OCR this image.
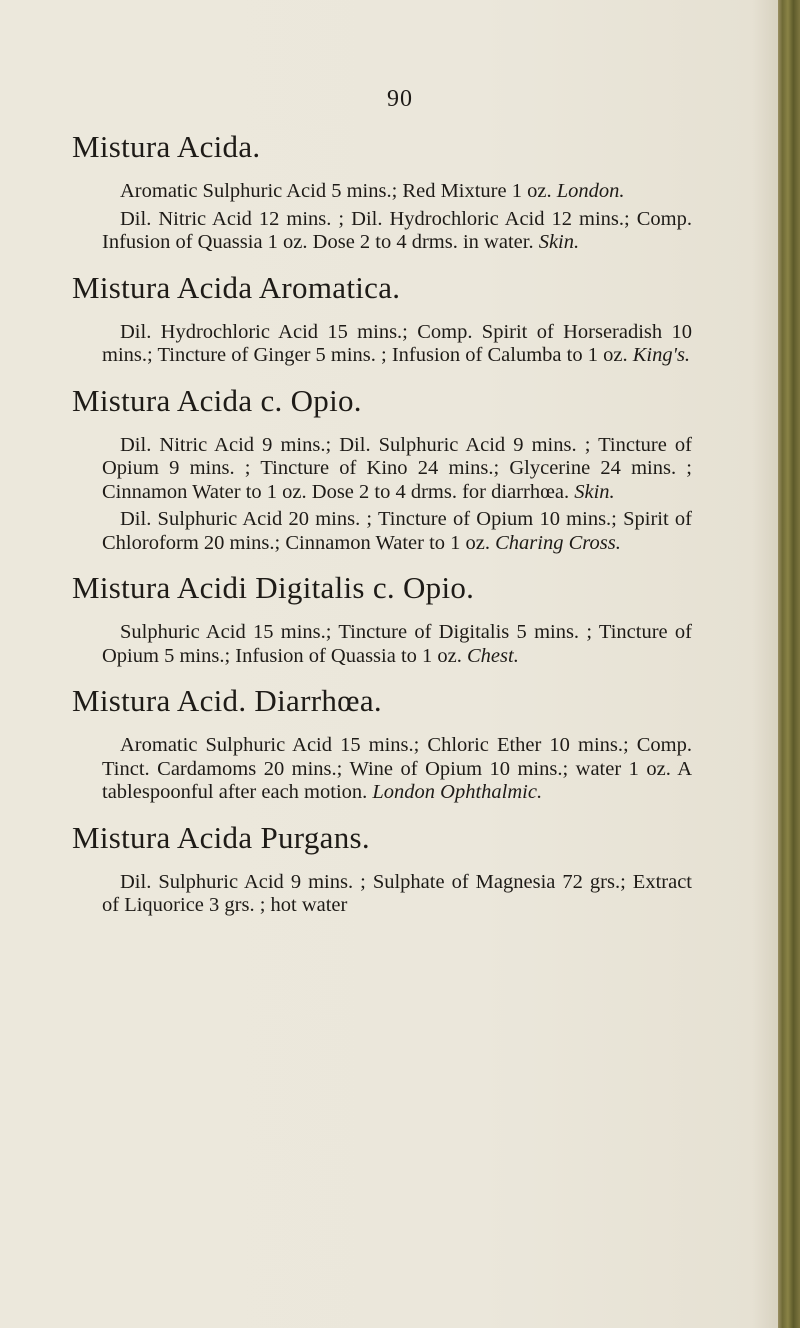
90
Mistura Acida.

Aromatic Sulphuric Acid 5 mins.; Red Mixture 1 oz. London.

Dil. Nitric Acid 12 mins. ; Dil. Hydrochloric Acid 12 mins.; Comp. Infusion of Quassia 1 oz. Dose 2 to 4 drms. in water. Skin.

Mistura Acida Aromatica.

Dil. Hydrochloric Acid 15 mins.; Comp. Spirit of Horseradish 10 mins.; Tincture of Ginger 5 mins. ; Infusion of Calumba to 1 oz. King's.

Mistura Acida c. Opio.

Dil. Nitric Acid 9 mins.; Dil. Sulphuric Acid 9 mins. ; Tincture of Opium 9 mins. ; Tincture of Kino 24 mins.; Glycerine 24 mins. ; Cinnamon Water to 1 oz. Dose 2 to 4 drms. for diarrhœa. Skin.

Dil. Sulphuric Acid 20 mins. ; Tincture of Opium 10 mins.; Spirit of Chloroform 20 mins.; Cinnamon Water to 1 oz. Charing Cross.

Mistura Acidi Digitalis c. Opio.

Sulphuric Acid 15 mins.; Tincture of Digitalis 5 mins. ; Tincture of Opium 5 mins.; Infusion of Quassia to 1 oz. Chest.

Mistura Acid. Diarrhœa.

Aromatic Sulphuric Acid 15 mins.; Chloric Ether 10 mins.; Comp. Tinct. Cardamoms 20 mins.; Wine of Opium 10 mins.; water 1 oz. A tablespoonful after each motion. London Ophthalmic.

Mistura Acida Purgans.

Dil. Sulphuric Acid 9 mins. ; Sulphate of Magnesia 72 grs.; Extract of Liquorice 3 grs. ; hot water
